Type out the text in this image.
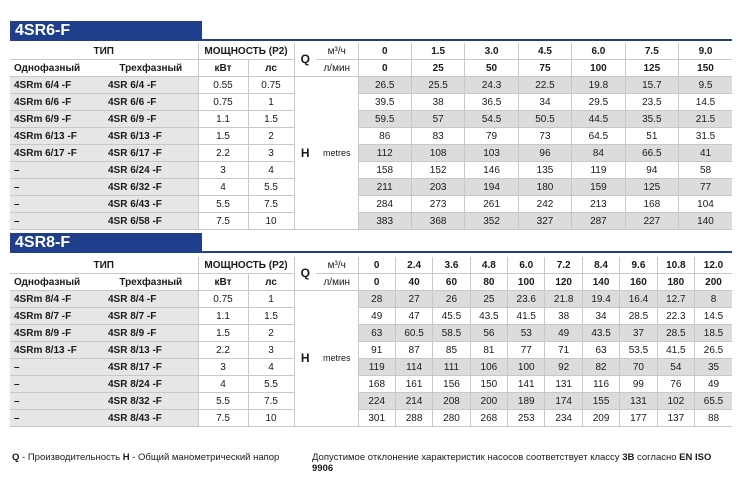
4SR6-F
ТИП		МОЩНОСТЬ (P2)		Q	м³/ч	0	1.5	3.0	4.5	6.0	7.5	9.0
Однофазный	Трехфазный	кВт	лс		л/мин	0	25	50	75	100	125	150
4SRm 6/4 -F	4SR 6/4 -F	0.55	0.75	H	metres	26.5	25.5	24.3	22.5	19.8	15.7	9.5
4SRm 6/6 -F	4SR 6/6 -F	0.75	1			39.5	38	36.5	34	29.5	23.5	14.5
4SRm 6/9 -F	4SR 6/9 -F	1.1	1.5			59.5	57	54.5	50.5	44.5	35.5	21.5
4SRm 6/13 -F	4SR 6/13 -F	1.5	2			86	83	79	73	64.5	51	31.5
4SRm 6/17 -F	4SR 6/17 -F	2.2	3			112	108	103	96	84	66.5	41
–	4SR 6/24 -F	3	4			158	152	146	135	119	94	58
–	4SR 6/32 -F	4	5.5			211	203	194	180	159	125	77
–	4SR 6/43 -F	5.5	7.5			284	273	261	242	213	168	104
–	4SR 6/58 -F	7.5	10			383	368	352	327	287	227	140
4SR8-F
ТИП		МОЩНОСТЬ (P2)		Q	м³/ч	0	2.4	3.6	4.8	6.0	7.2	8.4	9.6	10.8	12.0
Однофазный	Трехфазный	кВт	лс		л/мин	0	40	60	80	100	120	140	160	180	200
4SRm 8/4 -F	4SR 8/4 -F	0.75	1	H	metres	28	27	26	25	23.6	21.8	19.4	16.4	12.7	8
4SRm 8/7 -F	4SR 8/7 -F	1.1	1.5			49	47	45.5	43.5	41.5	38	34	28.5	22.3	14.5
4SRm 8/9 -F	4SR 8/9 -F	1.5	2			63	60.5	58.5	56	53	49	43.5	37	28.5	18.5
4SRm 8/13 -F	4SR 8/13 -F	2.2	3			91	87	85	81	77	71	63	53.5	41.5	26.5
–	4SR 8/17 -F	3	4			119	114	111	106	100	92	82	70	54	35
–	4SR 8/24 -F	4	5.5			168	161	156	150	141	131	116	99	76	49
–	4SR 8/32 -F	5.5	7.5			224	214	208	200	189	174	155	131	102	65.5
–	4SR 8/43 -F	7.5	10			301	288	280	268	253	234	209	177	137	88
Q - Производительность H - Общий манометрический напор	Допустимое отклонение характеристик насосов соответствует классу 3B согласно EN ISO 9906
